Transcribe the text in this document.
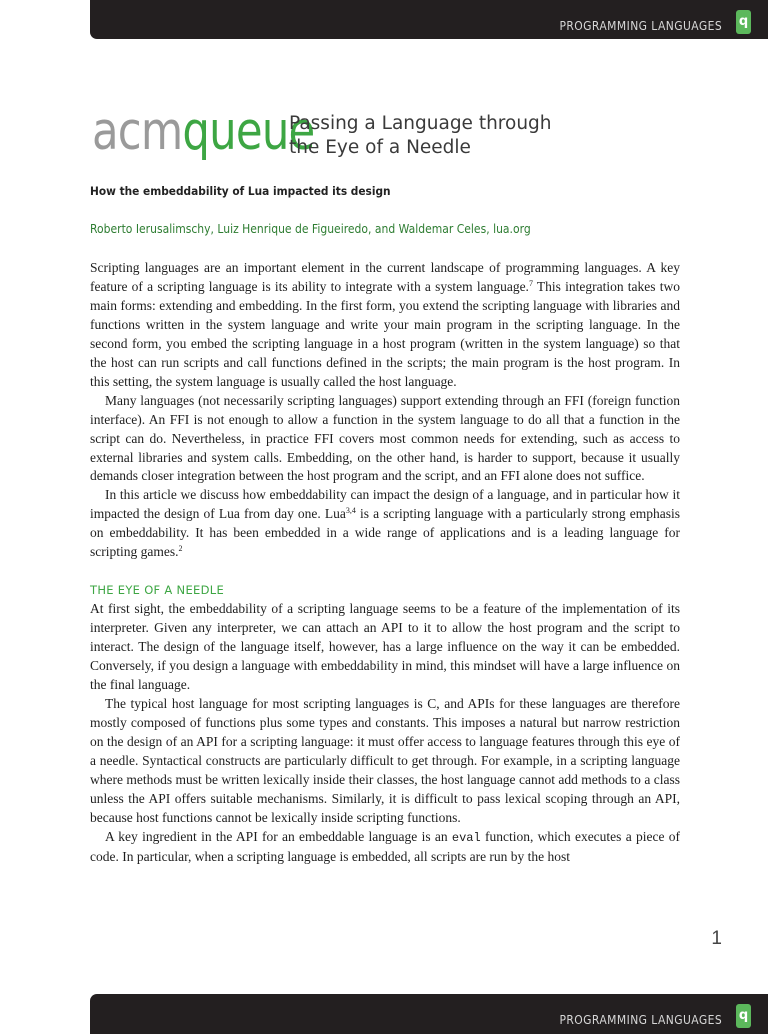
PROGRAMMING LANGUAGES q
acmqueue
Passing a Language through
the Eye of a Needle
How the embeddability of Lua impacted its design
Roberto Ierusalimschy, Luiz Henrique de Figueiredo, and Waldemar Celes, lua.org

Scripting languages are an important element in the current landscape of programming languages. A key feature of a scripting language is its ability to integrate with a system language.$^7$ This integration takes two main forms: extending and embedding. In the first form, you extend the scripting language with libraries and functions written in the system language and write your main program in the scripting language. In the second form, you embed the scripting language in a host program (written in the system language) so that the host can run scripts and call functions defined in the scripts; the main program is the host program. In this setting, the system language is usually called the host language.

Many languages (not necessarily scripting languages) support extending through an FFI (foreign function interface). An FFI is not enough to allow a function in the system language to do all that a function in the script can do. Nevertheless, in practice FFI covers most common needs for extending, such as access to external libraries and system calls. Embedding, on the other hand, is harder to support, because it usually demands closer integration between the host program and the script, and an FFI alone does not suffice.

In this article we discuss how embeddability can impact the design of a language, and in particular how it impacted the design of Lua from day one. Lua$^{3,4}$ is a scripting language with a particularly strong emphasis on embeddability. It has been embedded in a wide range of applications and is a leading language for scripting games.$^2$

THE EYE OF A NEEDLE

At first sight, the embeddability of a scripting language seems to be a feature of the implementation of its interpreter. Given any interpreter, we can attach an API to it to allow the host program and the script to interact. The design of the language itself, however, has a large influence on the way it can be embedded. Conversely, if you design a language with embeddability in mind, this mindset will have a large influence on the final language.

The typical host language for most scripting languages is C, and APIs for these languages are therefore mostly composed of functions plus some types and constants. This imposes a natural but narrow restriction on the design of an API for a scripting language: it must offer access to language features through this eye of a needle. Syntactical constructs are particularly difficult to get through. For example, in a scripting language where methods must be written lexically inside their classes, the host language cannot add methods to a class unless the API offers suitable mechanisms. Similarly, it is difficult to pass lexical scoping through an API, because host functions cannot be lexically inside scripting functions.

A key ingredient in the API for an embeddable language is an eval function, which executes a piece of code. In particular, when a scripting language is embedded, all scripts are run by the host

1
PROGRAMMING LANGUAGES q
